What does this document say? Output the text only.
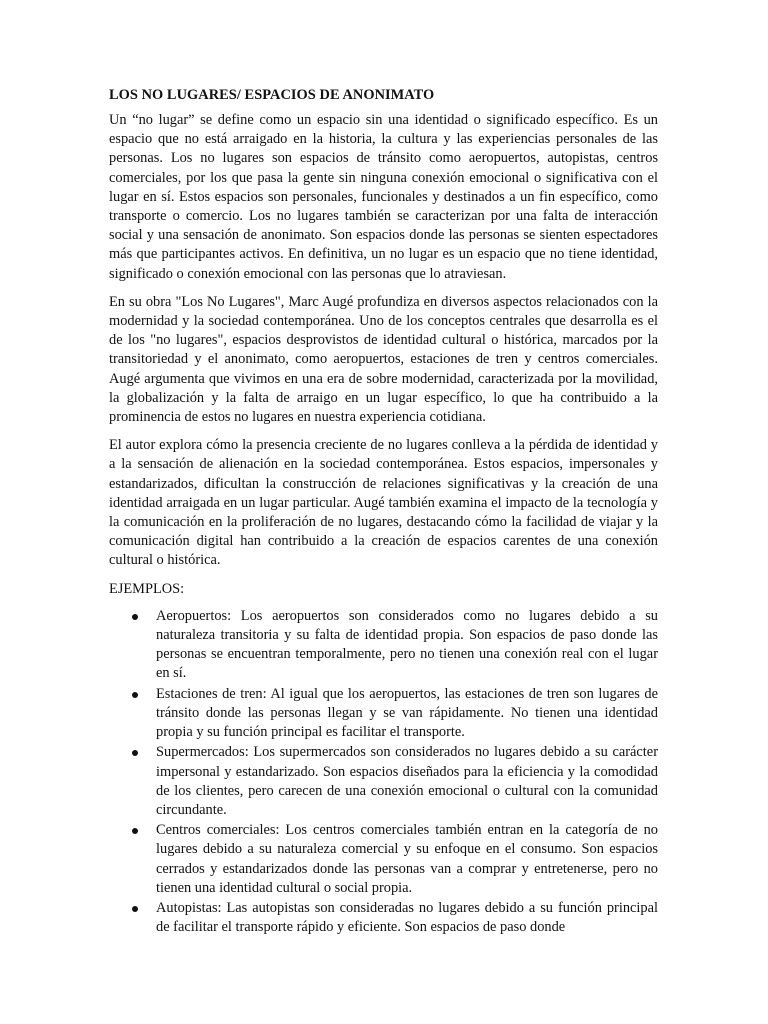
LOS NO LUGARES/ ESPACIOS DE ANONIMATO

Un “no lugar” se define como un espacio sin una identidad o significado específico. Es un espacio que no está arraigado en la historia, la cultura y las experiencias personales de las personas. Los no lugares son espacios de tránsito como aeropuertos, autopistas, centros comerciales, por los que pasa la gente sin ninguna conexión emocional o significativa con el lugar en sí. Estos espacios son personales, funcionales y destinados a un fin específico, como transporte o comercio. Los no lugares también se caracterizan por una falta de interacción social y una sensación de anonimato. Son espacios donde las personas se sienten espectadores más que participantes activos. En definitiva, un no lugar es un espacio que no tiene identidad, significado o conexión emocional con las personas que lo atraviesan.

En su obra "Los No Lugares", Marc Augé profundiza en diversos aspectos relacionados con la modernidad y la sociedad contemporánea. Uno de los conceptos centrales que desarrolla es el de los "no lugares", espacios desprovistos de identidad cultural o histórica, marcados por la transitoriedad y el anonimato, como aeropuertos, estaciones de tren y centros comerciales. Augé argumenta que vivimos en una era de sobre modernidad, caracterizada por la movilidad, la globalización y la falta de arraigo en un lugar específico, lo que ha contribuido a la prominencia de estos no lugares en nuestra experiencia cotidiana.

El autor explora cómo la presencia creciente de no lugares conlleva a la pérdida de identidad y a la sensación de alienación en la sociedad contemporánea. Estos espacios, impersonales y estandarizados, dificultan la construcción de relaciones significativas y la creación de una identidad arraigada en un lugar particular. Augé también examina el impacto de la tecnología y la comunicación en la proliferación de no lugares, destacando cómo la facilidad de viajar y la comunicación digital han contribuido a la creación de espacios carentes de una conexión cultural o histórica.

EJEMPLOS:

Aeropuertos: Los aeropuertos son considerados como no lugares debido a su naturaleza transitoria y su falta de identidad propia. Son espacios de paso donde las personas se encuentran temporalmente, pero no tienen una conexión real con el lugar en sí.
Estaciones de tren: Al igual que los aeropuertos, las estaciones de tren son lugares de tránsito donde las personas llegan y se van rápidamente. No tienen una identidad propia y su función principal es facilitar el transporte.
Supermercados: Los supermercados son considerados no lugares debido a su carácter impersonal y estandarizado. Son espacios diseñados para la eficiencia y la comodidad de los clientes, pero carecen de una conexión emocional o cultural con la comunidad circundante.
Centros comerciales: Los centros comerciales también entran en la categoría de no lugares debido a su naturaleza comercial y su enfoque en el consumo. Son espacios cerrados y estandarizados donde las personas van a comprar y entretenerse, pero no tienen una identidad cultural o social propia.
Autopistas: Las autopistas son consideradas no lugares debido a su función principal de facilitar el transporte rápido y eficiente. Son espacios de paso donde
